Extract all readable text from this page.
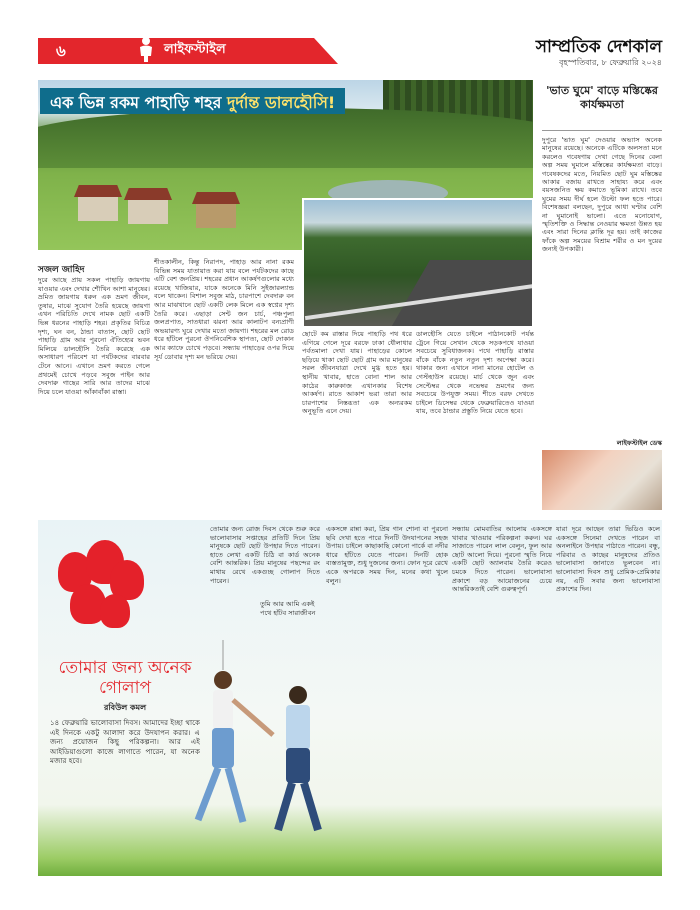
৬	লাইফস্টাইল	সাম্প্রতিক দেশকাল
বৃহস্পতিবার, ৮ ফেব্রুয়ারি ২০২৪
এক ভিন্ন রকম পাহাড়ি শহর দুর্দান্ত ডালহৌসি!
সজল জাহিদ
দুরে আছে প্রায় সকল পাহাড়ি জায়গায় যাওয়ার এবং দেখার শৌখিন আশা মানুষের। ভ্রমিত জায়গায় ধরুন এক ভ্রমণ জীবন, তুষার, মাঝে সুযোগ তৈরি হয়েছে জায়গা এখন পরিচিতি দেখে নামক ছোট একটি ভিন্ন ধরনের পাহাড়ি শহর। প্রকৃতির বিচিত্র দৃশ্য, ঘন বন, ঠান্ডা বাতাস, ছোট ছোট পাহাড়ি গ্রাম আর পুরনো ঐতিহ্যের ভবন মিলিয়ে ডালহৌসি তৈরি করেছে এক অসাধারণ পরিবেশ যা পর্যটকদের বারবার টেনে আনে। এখানে ভ্রমণ করতে গেলে প্রথমেই চোখে পড়বে সবুজ পাইন আর দেবদারু গাছের সারি আর তাদের মাঝে দিয়ে চলে যাওয়া আঁকাবাঁকা রাস্তা।
শীতকালীন, কিন্তু নিরাপদ, পাহাড় আর নানা রকম বিভিন্ন সময় যাতায়াত করা যায় বলে পর্যটকদের কাছে এটি বেশ জনপ্রিয়। শহরের প্রধান আকর্ষণগুলোর মধ্যে রয়েছে খাজিয়ার, যাকে অনেকে মিনি সুইজারল্যান্ড বলে থাকেন। বিশাল সবুজ মাঠ, চারপাশে দেবদারু বন আর মাঝখানে ছোট একটি লেক মিলে এক স্বপ্নের দৃশ্য তৈরি করে। এছাড়া সেন্ট জন চার্চ, পঞ্চপুলা জলপ্রপাত, সাতধারা ঝরনা আর কালাটপ বন্যপ্রাণী অভয়ারণ্য ঘুরে দেখার মতো জায়গা। শহরের মল রোড ধরে হাঁটলে পুরনো ঔপনিবেশিক স্থাপত্য, ছোট দোকান আর ক্যাফে চোখে পড়বে। সন্ধ্যায় পাহাড়ের ওপর দিয়ে সূর্য ডোবার দৃশ্য মন ভরিয়ে দেয়।
ছোটে কম রাস্তার দিয়ে পাহাড়ি পথ ধরে এগিয়ে গেলে দূরে বরফে ঢাকা ধৌলাধার পর্বতমালা দেখা যায়। পাহাড়ের কোলে ছড়িয়ে থাকা ছোট ছোট গ্রাম আর মানুষের সরল জীবনযাত্রা দেখে মুগ্ধ হতে হয়। স্থানীয় খাবার, হাতে বোনা শাল আর কাঠের কারুকাজ এখানকার বিশেষ আকর্ষণ। রাতে আকাশ ভরা তারা আর চারপাশের নিস্তব্ধতা এক অন্যরকম অনুভূতি এনে দেয়।
ডালহৌসি যেতে চাইলে পাঠানকোট পর্যন্ত ট্রেনে গিয়ে সেখান থেকে সড়কপথে যাওয়া সবচেয়ে সুবিধাজনক। পথে পাহাড়ি রাস্তার বাঁকে বাঁকে নতুন নতুন দৃশ্য অপেক্ষা করে। থাকার জন্য এখানে নানা মানের হোটেল ও গেস্টহাউস রয়েছে। মার্চ থেকে জুন এবং সেপ্টেম্বর থেকে নভেম্বর ভ্রমণের জন্য সবচেয়ে উপযুক্ত সময়। শীতে বরফ দেখতে চাইলে ডিসেম্বর থেকে ফেব্রুয়ারিতেও যাওয়া যায়, তবে ঠান্ডার প্রস্তুতি নিয়ে যেতে হবে।
'ভাত ঘুমে' বাড়ে মস্তিষ্কের কার্যক্ষমতা
দুপুরে 'ভাত ঘুম' দেওয়ার অভ্যাস অনেক মানুষের রয়েছে। অনেকে এটিকে অলসতা মনে করলেও গবেষণায় দেখা গেছে দিনের বেলা অল্প সময় ঘুমালে মস্তিষ্কের কার্যক্ষমতা বাড়ে। গবেষকদের মতে, নিয়মিত ছোট ঘুম মস্তিষ্কের আকার বজায় রাখতে সাহায্য করে এবং বয়সজনিত ক্ষয় কমাতে ভূমিকা রাখে। তবে ঘুমের সময় দীর্ঘ হলে উল্টো ফল হতে পারে। বিশেষজ্ঞরা বলছেন, দুপুরে আধা ঘণ্টার বেশি না ঘুমানোই ভালো। এতে মনোযোগ, স্মৃতিশক্তি ও সিদ্ধান্ত নেওয়ার ক্ষমতা উন্নত হয় এবং সারা দিনের ক্লান্তি দূর হয়। তাই কাজের ফাঁকে অল্প সময়ের বিশ্রাম শরীর ও মন দুয়ের জন্যই উপকারী।
লাইফস্টাইল ডেস্ক
তোমার জন্য অনেক গোলাপ
রবিউল কমল
১৪ ফেব্রুয়ারি ভালোবাসা দিবস। আমাদের ইচ্ছা থাকে এই দিনকে একটু আলাদা করে উদযাপন করার। এ জন্য প্রয়োজন কিছু পরিকল্পনা। আর এই আইডিয়াগুলো কাজে লাগাতে পারেন, যা অনেক মজার হবে।
তোমার জন্য রোজ দিবস থেকে শুরু করে ভালোবাসার সপ্তাহের প্রতিটি দিনে প্রিয় মানুষকে ছোট ছোট উপহার দিতে পারেন। হাতে লেখা একটি চিঠি বা কার্ড অনেক বেশি আন্তরিক। প্রিয় মানুষের পছন্দের রং মাথায় রেখে একগুচ্ছ গোলাপ দিতে পারেন।
তুমি আর আমি একই পথে হাঁটব সারাজীবন
একসঙ্গে রান্না করা, প্রিয় গান শোনা বা পুরনো ছবি দেখা হতে পারে দিনটি উদযাপনের সহজ উপায়। চাইলে কাছাকাছি কোনো পার্কে বা নদীর ধারে হাঁটতে যেতে পারেন। দিনটি হোক ব্যস্ততামুক্ত, শুধু দুজনের জন্য। ফোন দূরে রেখে একে অপরকে সময় দিন, মনের কথা খুলে বলুন।
সন্ধ্যায় মোমবাতির আলোয় একসঙ্গে খাবার খাওয়ার পরিকল্পনা করুন। ঘর সাজাতে পারেন লাল বেলুন, ফুল আর ছোট আলো দিয়ে। পুরনো স্মৃতি নিয়ে একটি ছোট অ্যালবাম তৈরি করেও চমকে দিতে পারেন। ভালোবাসা প্রকাশে বড় আয়োজনের চেয়ে আন্তরিকতাই বেশি গুরুত্বপূর্ণ।
যারা দূরে আছেন তারা ভিডিও কলে একসঙ্গে সিনেমা দেখতে পারেন বা অনলাইনে উপহার পাঠাতে পারেন। বন্ধু, পরিবার ও কাছের মানুষদের প্রতিও ভালোবাসা জানাতে ভুলবেন না। ভালোবাসা দিবস শুধু প্রেমিক-প্রেমিকার নয়, এটি সবার জন্য ভালোবাসা প্রকাশের দিন।
